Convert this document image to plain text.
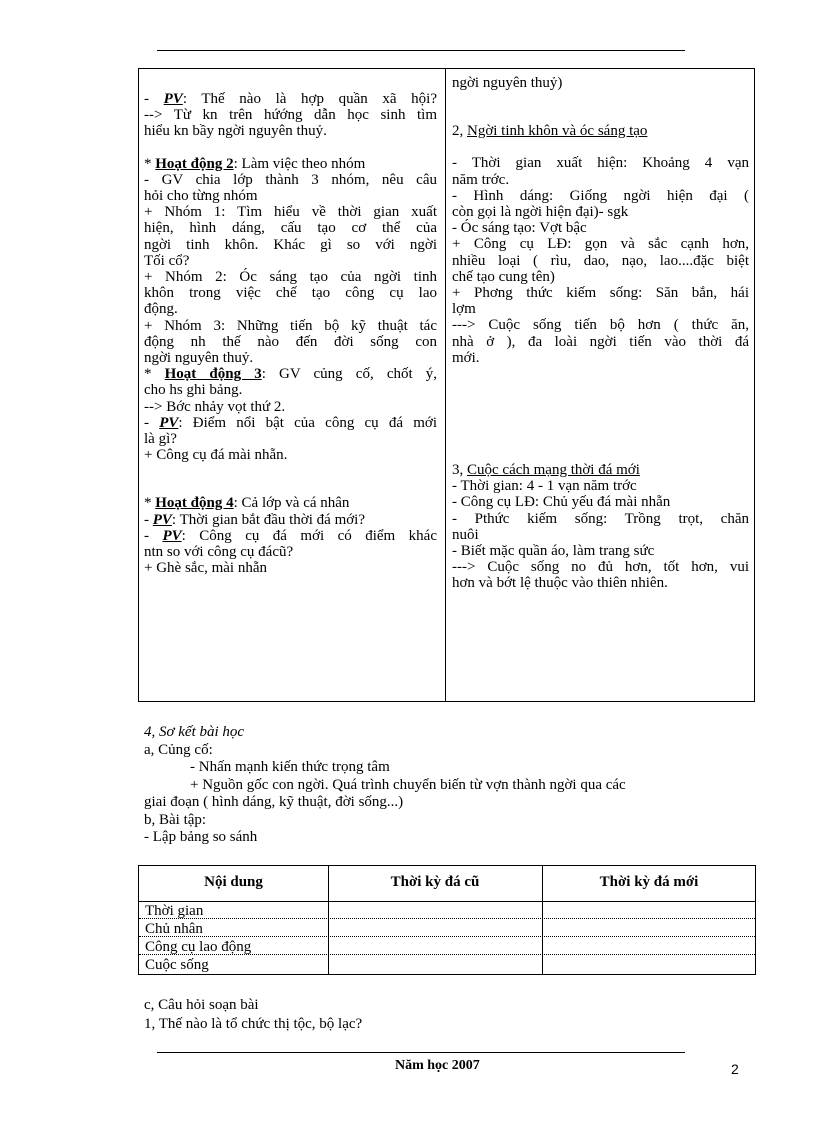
- PV: Thế nào là hợp quần xã hội?

--> Từ kn trên hứớng dẫn học sinh tìm

hiểu kn bầy ngời nguyên thuỷ.

* Hoạt động 2: Làm việc theo nhóm

- GV chia lớp thành 3 nhóm, nêu câu

hỏi cho từng nhóm

+ Nhóm 1: Tìm hiểu về thời gian xuất

hiện, hình dáng, cấu tạo cơ thể của

ngời tinh khôn. Khác gì so với ngời

Tối cổ?

+ Nhóm 2: Óc sáng tạo của ngời tinh

khôn trong việc chế tạo công cụ lao

động.

+ Nhóm 3: Những tiến bộ kỹ thuật tác

động nh thế nào đến đời sống con

ngời nguyên thuỷ.

* Hoạt động 3: GV củng cố, chốt ý,

cho hs ghi bảng.

--> Bớc nhảy vọt thứ 2.

- PV: Điểm nổi bật của công cụ đá mới

là gì?

+ Công cụ đá mài nhẵn.

* Hoạt động 4: Cả lớp và cá nhân

- PV: Thời gian bắt đầu thời đá mới?

- PV: Công cụ đá mới có điểm khác

ntn so với công cụ đácũ?

+ Ghè sắc, mài nhẵn

ngời nguyên thuỷ)

2, Ngời tinh khôn và óc sáng tạo

- Thời gian xuất hiện: Khoảng 4 vạn

năm trớc.

- Hình dáng: Giống ngời hiện đại (

còn gọi là ngời hiện đại)- sgk

- Óc sáng tạo: Vợt bậc

+ Công cụ LĐ: gọn và sắc cạnh hơn,

nhiều loại ( rìu, dao, nạo, lao....đặc biệt

chế tạo cung tên)

+ Phơng thức kiếm sống: Săn bắn, hái

lợm

---> Cuộc sống tiến bộ hơn ( thức ăn,

nhà ở ), đa loài ngời tiến vào thời đá

mới.

3, Cuộc cách mạng thời đá mới

- Thời gian: 4 - 1 vạn năm trớc

- Công cụ LĐ: Chủ yếu đá mài nhẵn

- Pthức kiếm sống: Trồng trọt, chăn

nuôi

- Biết mặc quần áo, làm trang sức

---> Cuộc sống no đủ hơn, tốt hơn, vui

hơn và bớt lệ thuộc vào thiên nhiên.

4, Sơ kết bài học

a, Củng cố:

- Nhấn mạnh kiến thức trọng tâm

+ Nguồn gốc con ngời. Quá trình chuyển biến từ vợn thành ngời qua các

giai đoạn ( hình dáng, kỹ thuật, đời sống...)

b, Bài tập:

- Lập bảng so sánh

Nội dung	Thời kỳ đá cũ	Thời kỳ đá mới
Thời gian
Chủ nhân
Công cụ lao động
Cuộc sống
c, Câu hỏi soạn bài
1, Thế nào là tổ chức thị tộc, bộ lạc?
Năm học 2007	2
